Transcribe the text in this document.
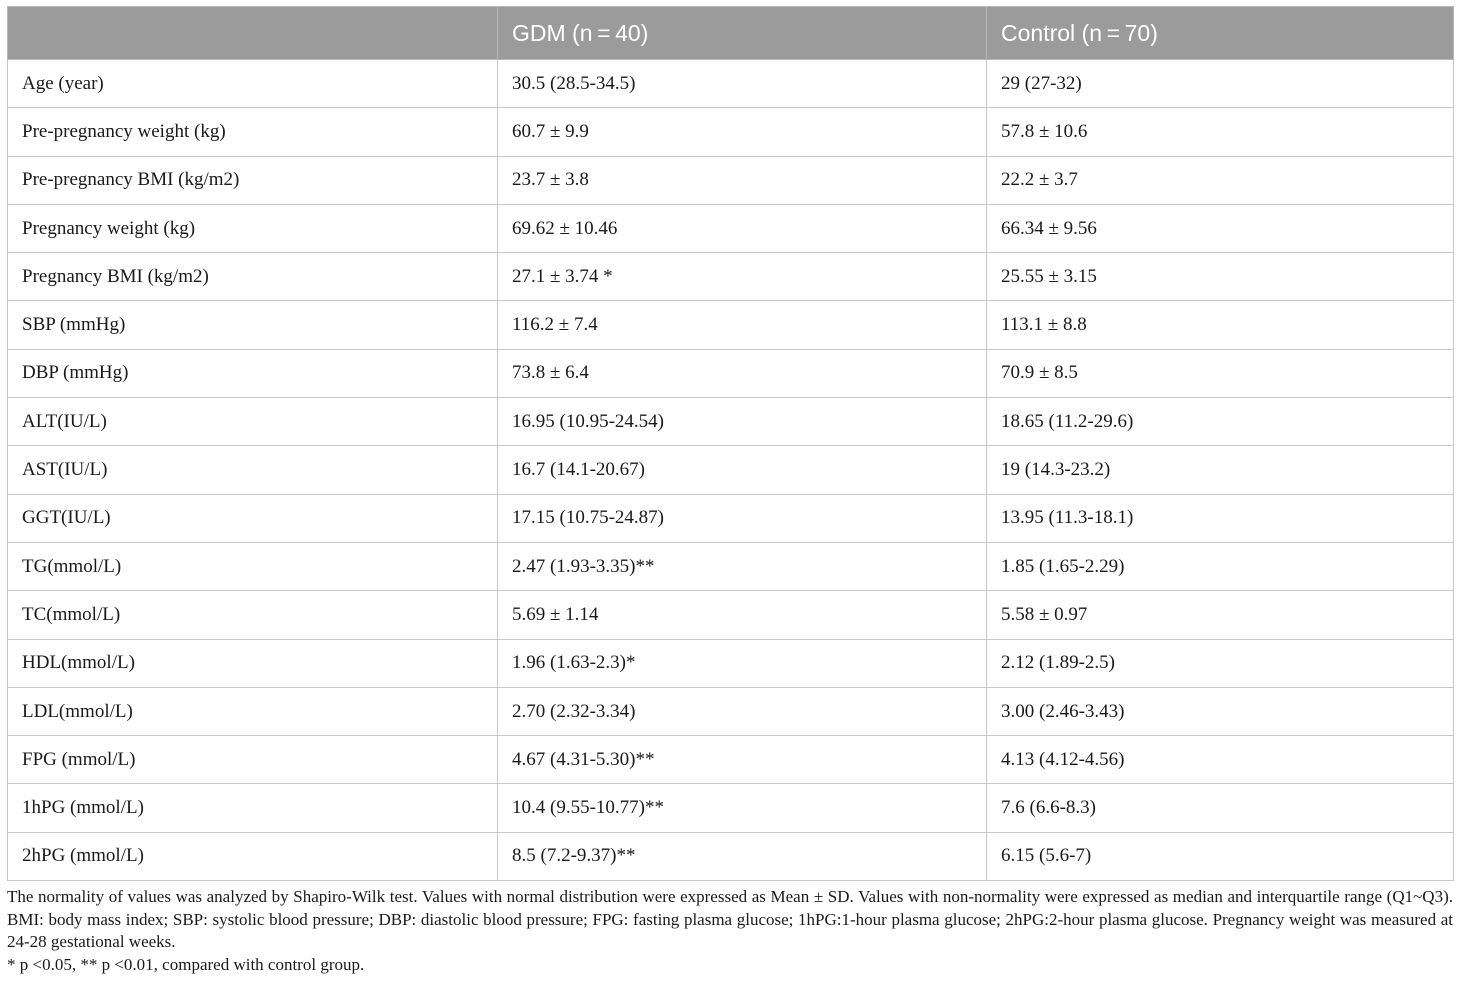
	GDM (n = 40)	Control (n = 70)
Age (year)	30.5 (28.5-34.5)	29 (27-32)
Pre-pregnancy weight (kg)	60.7 ± 9.9	57.8 ± 10.6
Pre-pregnancy BMI (kg/m2)	23.7 ± 3.8	22.2 ± 3.7
Pregnancy weight (kg)	69.62 ± 10.46	66.34 ± 9.56
Pregnancy BMI (kg/m2)	27.1 ± 3.74 *	25.55 ± 3.15
SBP (mmHg)	116.2 ± 7.4	113.1 ± 8.8
DBP (mmHg)	73.8 ± 6.4	70.9 ± 8.5
ALT(IU/L)	16.95 (10.95-24.54)	18.65 (11.2-29.6)
AST(IU/L)	16.7 (14.1-20.67)	19 (14.3-23.2)
GGT(IU/L)	17.15 (10.75-24.87)	13.95 (11.3-18.1)
TG(mmol/L)	2.47 (1.93-3.35)**	1.85 (1.65-2.29)
TC(mmol/L)	5.69 ± 1.14	5.58 ± 0.97
HDL(mmol/L)	1.96 (1.63-2.3)*	2.12 (1.89-2.5)
LDL(mmol/L)	2.70 (2.32-3.34)	3.00 (2.46-3.43)
FPG (mmol/L)	4.67 (4.31-5.30)**	4.13 (4.12-4.56)
1hPG (mmol/L)	10.4 (9.55-10.77)**	7.6 (6.6-8.3)
2hPG (mmol/L)	8.5 (7.2-9.37)**	6.15 (5.6-7)

The normality of values was analyzed by Shapiro-Wilk test. Values with normal distribution were expressed as Mean ± SD. Values with non-normality were expressed as median and interquartile range (Q1~Q3). BMI: body mass index; SBP: systolic blood pressure; DBP: diastolic blood pressure; FPG: fasting plasma glucose; 1hPG:1-hour plasma glucose; 2hPG:2-hour plasma glucose. Pregnancy weight was measured at 24-28 gestational weeks.

* p <0.05, ** p <0.01, compared with control group.
